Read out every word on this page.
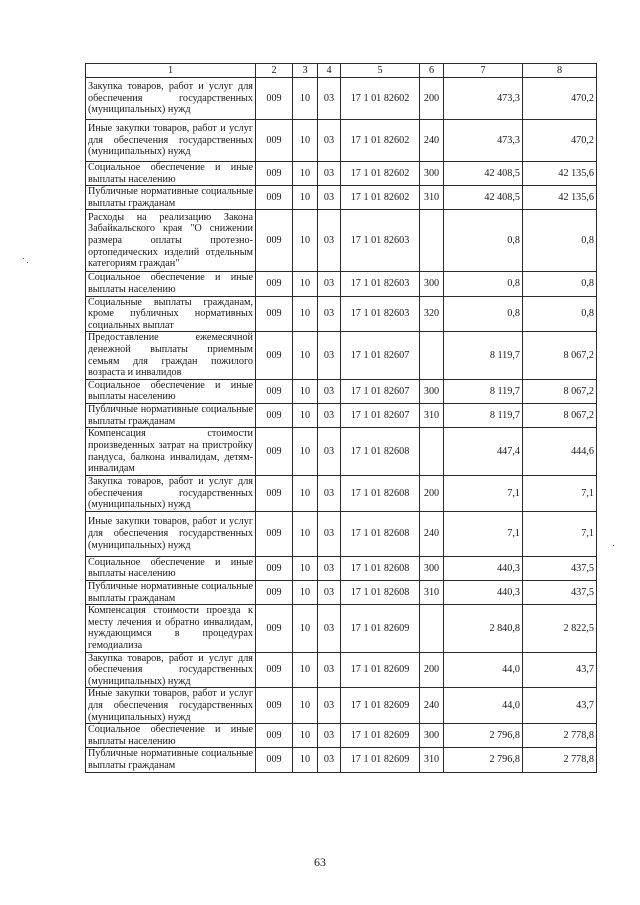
1	2	3	4	5	6	7	8
Закупка товаров, работ и услуг для обеспечения государственных (муниципальных) нужд	009	10	03	17 1 01 82602	200	473,3	470,2
Иные закупки товаров, работ и услуг для обеспечения государственных (муниципальных) нужд	009	10	03	17 1 01 82602	240	473,3	470,2
Социальное обеспечение и иные выплаты населению	009	10	03	17 1 01 82602	300	42 408,5	42 135,6
Публичные нормативные социальные выплаты гражданам	009	10	03	17 1 01 82602	310	42 408,5	42 135,6
Расходы на реализацию Закона Забайкальского края "О снижении размера оплаты протезно-ортопедических изделий отдельным категориям граждан"	009	10	03	17 1 01 82603		0,8	0,8
Социальное обеспечение и иные выплаты населению	009	10	03	17 1 01 82603	300	0,8	0,8
Социальные выплаты гражданам, кроме публичных нормативных социальных выплат	009	10	03	17 1 01 82603	320	0,8	0,8
Предоставление ежемесячной денежной выплаты приемным семьям для граждан пожилого возраста и инвалидов	009	10	03	17 1 01 82607		8 119,7	8 067,2
Социальное обеспечение и иные выплаты населению	009	10	03	17 1 01 82607	300	8 119,7	8 067,2
Публичные нормативные социальные выплаты гражданам	009	10	03	17 1 01 82607	310	8 119,7	8 067,2
Компенсация стоимости произведенных затрат на пристройку пандуса, балкона инвалидам, детям-инвалидам	009	10	03	17 1 01 82608		447,4	444,6
Закупка товаров, работ и услуг для обеспечения государственных (муниципальных) нужд	009	10	03	17 1 01 82608	200	7,1	7,1
Иные закупки товаров, работ и услуг для обеспечения государственных (муниципальных) нужд	009	10	03	17 1 01 82608	240	7,1	7,1
Социальное обеспечение и иные выплаты населению	009	10	03	17 1 01 82608	300	440,3	437,5
Публичные нормативные социальные выплаты гражданам	009	10	03	17 1 01 82608	310	440,3	437,5
Компенсация стоимости проезда к месту лечения и обратно инвалидам, нуждающимся в процедурах гемодиализа	009	10	03	17 1 01 82609		2 840,8	2 822,5
Закупка товаров, работ и услуг для обеспечения государственных (муниципальных) нужд	009	10	03	17 1 01 82609	200	44,0	43,7
Иные закупки товаров, работ и услуг для обеспечения государственных (муниципальных) нужд	009	10	03	17 1 01 82609	240	44,0	43,7
Социальное обеспечение и иные выплаты населению	009	10	03	17 1 01 82609	300	2 796,8	2 778,8
Публичные нормативные социальные выплаты гражданам	009	10	03	17 1 01 82609	310	2 796,8	2 778,8
63
